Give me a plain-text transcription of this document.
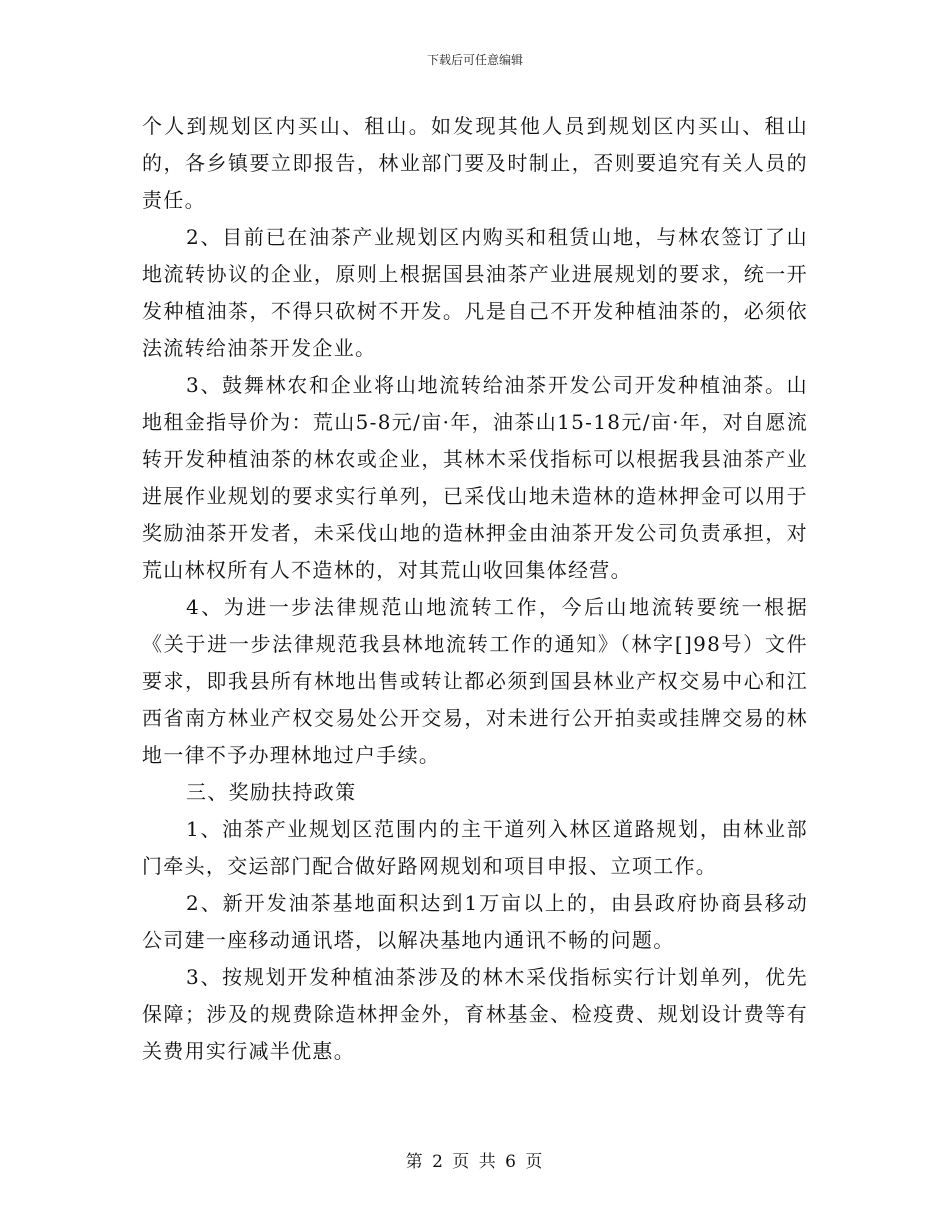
下载后可任意编辑

个人到规划区内买山、租山。如发现其他人员到规划区内买山、租山的，各乡镇要立即报告，林业部门要及时制止，否则要追究有关人员的责任。

2、目前已在油茶产业规划区内购买和租赁山地，与林农签订了山地流转协议的企业，原则上根据国县油茶产业进展规划的要求，统一开发种植油茶，不得只砍树不开发。凡是自己不开发种植油茶的，必须依法流转给油茶开发企业。

3、鼓舞林农和企业将山地流转给油茶开发公司开发种植油茶。山地租金指导价为：荒山5-8元/亩·年，油茶山15-18元/亩·年，对自愿流转开发种植油茶的林农或企业，其林木采伐指标可以根据我县油茶产业进展作业规划的要求实行单列，已采伐山地未造林的造林押金可以用于奖励油茶开发者，未采伐山地的造林押金由油茶开发公司负责承担，对荒山林权所有人不造林的，对其荒山收回集体经营。

4、为进一步法律规范山地流转工作，今后山地流转要统一根据《关于进一步法律规范我县林地流转工作的通知》（林字[]98号）文件要求，即我县所有林地出售或转让都必须到国县林业产权交易中心和江西省南方林业产权交易处公开交易，对未进行公开拍卖或挂牌交易的林地一律不予办理林地过户手续。

三、奖励扶持政策

1、油茶产业规划区范围内的主干道列入林区道路规划，由林业部门牵头，交运部门配合做好路网规划和项目申报、立项工作。

2、新开发油茶基地面积达到1万亩以上的，由县政府协商县移动公司建一座移动通讯塔，以解决基地内通讯不畅的问题。

3、按规划开发种植油茶涉及的林木采伐指标实行计划单列，优先保障；涉及的规费除造林押金外，育林基金、检疫费、规划设计费等有关费用实行减半优惠。

第 2 页 共 6 页
